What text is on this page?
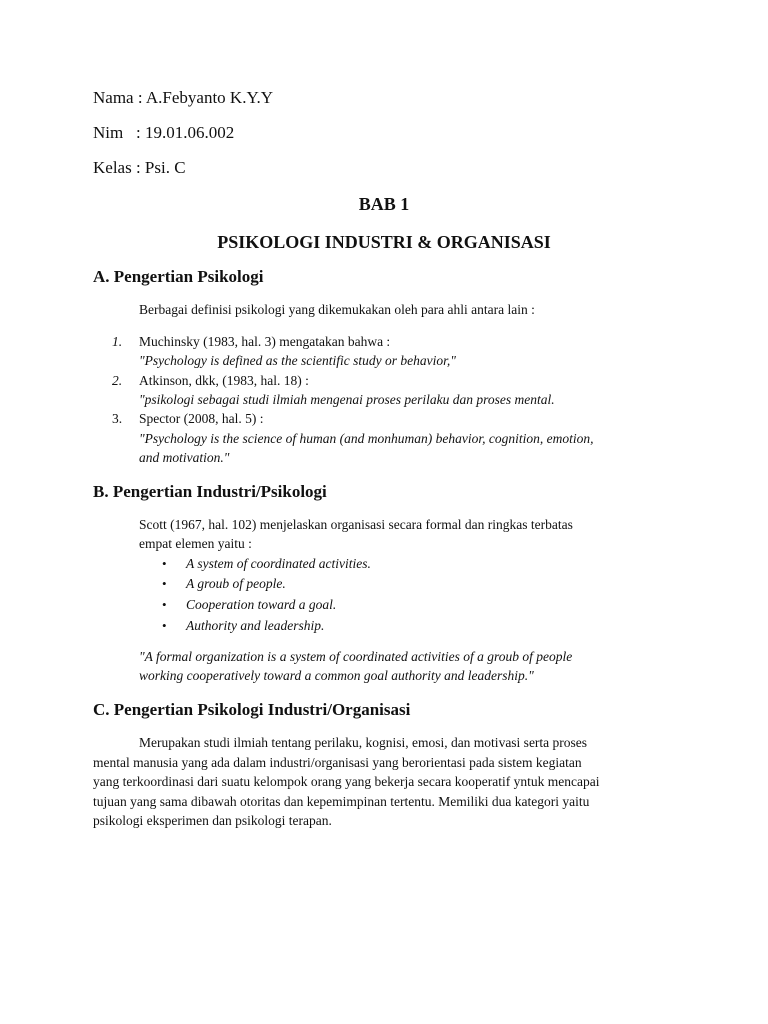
Nama : A.Febyanto K.Y.Y
Nim   : 19.01.06.002
Kelas : Psi. C
BAB 1
PSIKOLOGI INDUSTRI & ORGANISASI
A. Pengertian Psikologi
Berbagai definisi psikologi yang dikemukakan oleh para ahli antara lain :
1. Muchinsky (1983, hal. 3) mengatakan bahwa :
"Psychology is defined as the scientific study or behavior,"
2. Atkinson, dkk, (1983, hal. 18) :
"psikologi sebagai studi ilmiah mengenai proses perilaku dan proses mental.
3. Spector (2008, hal. 5) :
"Psychology is the science of human (and monhuman) behavior, cognition, emotion,
and motivation."
B. Pengertian Industri/Psikologi
Scott (1967, hal. 102) menjelaskan organisasi secara formal dan ringkas terbatas
empat elemen yaitu :
• A system of coordinated activities.
• A groub of people.
• Cooperation toward a goal.
• Authority and leadership.
"A formal organization is a system of coordinated activities of a groub of people
working cooperatively toward a common goal authority and leadership."
C. Pengertian Psikologi Industri/Organisasi
Merupakan studi ilmiah tentang perilaku, kognisi, emosi, dan motivasi serta proses
mental manusia yang ada dalam industri/organisasi yang berorientasi pada sistem kegiatan
yang terkoordinasi dari suatu kelompok orang yang bekerja secara kooperatif yntuk mencapai
tujuan yang sama dibawah otoritas dan kepemimpinan tertentu. Memiliki dua kategori yaitu
psikologi eksperimen dan psikologi terapan.
